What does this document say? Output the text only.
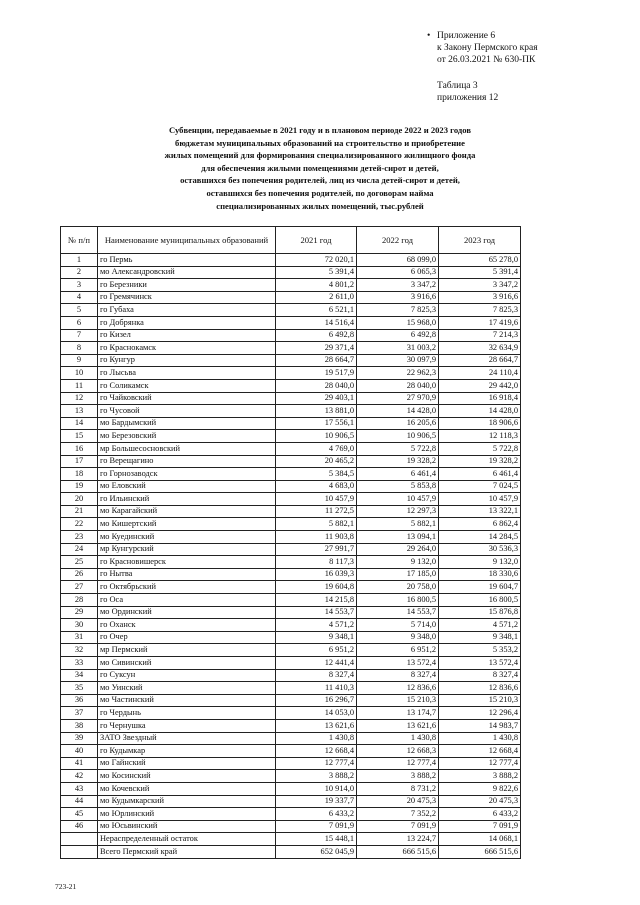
• Приложение 6
к Закону Пермского края
от 26.03.2021 № 630-ПК
Таблица 3
приложения 12
Субвенции, передаваемые в 2021 году и в плановом периоде 2022 и 2023 годов
бюджетам муниципальных образований на строительство и приобретение
жилых помещений для формирования специализированного жилищного фонда
для обеспечения жилыми помещениями детей-сирот и детей,
оставшихся без попечения родителей, лиц из числа детей-сирот и детей,
оставшихся без попечения родителей, по договорам найма
специализированных жилых помещений, тыс.рублей
№ п/п	Наименование муниципальных образований	2021 год	2022 год	2023 год
1	го Пермь	72 020,1	68 099,0	65 278,0
2	мо Александровский	5 391,4	6 065,3	5 391,4
3	го Березники	4 801,2	3 347,2	3 347,2
4	го Гремячинск	2 611,0	3 916,6	3 916,6
5	го Губаха	6 521,1	7 825,3	7 825,3
6	го Добрянка	14 516,4	15 968,0	17 419,6
7	го Кизел	6 492,8	6 492,8	7 214,3
8	го Краснокамск	29 371,4	31 003,2	32 634,9
9	го Кунгур	28 664,7	30 097,9	28 664,7
10	го Лысьва	19 517,9	22 962,3	24 110,4
11	го Соликамск	28 040,0	28 040,0	29 442,0
12	го Чайковский	29 403,1	27 970,9	16 918,4
13	го Чусовой	13 881,0	14 428,0	14 428,0
14	мо Бардымский	17 556,1	16 205,6	18 906,6
15	мо Березовский	10 906,5	10 906,5	12 118,3
16	мр Большесосновский	4 769,0	5 722,8	5 722,8
17	го Верещагино	20 465,2	19 328,2	19 328,2
18	го Горнозаводск	5 384,5	6 461,4	6 461,4
19	мо Еловский	4 683,0	5 853,8	7 024,5
20	го Ильинский	10 457,9	10 457,9	10 457,9
21	мо Карагайский	11 272,5	12 297,3	13 322,1
22	мо Кишертский	5 882,1	5 882,1	6 862,4
23	мо Куединский	11 903,8	13 094,1	14 284,5
24	мр Кунгурский	27 991,7	29 264,0	30 536,3
25	го Красновишерск	8 117,3	9 132,0	9 132,0
26	го Нытва	16 039,3	17 185,0	18 330,6
27	го Октябрьский	19 604,8	20 758,0	19 604,7
28	го Оса	14 215,8	16 800,5	16 800,5
29	мо Ординский	14 553,7	14 553,7	15 876,8
30	го Оханск	4 571,2	5 714,0	4 571,2
31	го Очер	9 348,1	9 348,0	9 348,1
32	мр Пермский	6 951,2	6 951,2	5 353,2
33	мо Сивинский	12 441,4	13 572,4	13 572,4
34	го Суксун	8 327,4	8 327,4	8 327,4
35	мо Уинский	11 410,3	12 836,6	12 836,6
36	мо Частинский	16 296,7	15 210,3	15 210,3
37	го Чердынь	14 053,0	13 174,7	12 296,4
38	го Чернушка	13 621,6	13 621,6	14 983,7
39	ЗАТО Звездный	1 430,8	1 430,8	1 430,8
40	го Кудымкар	12 668,4	12 668,3	12 668,4
41	мо Гайнский	12 777,4	12 777,4	12 777,4
42	мо Косинский	3 888,2	3 888,2	3 888,2
43	мо Кочевский	10 914,0	8 731,2	9 822,6
44	мо Кудымкарский	19 337,7	20 475,3	20 475,3
45	мо Юрлинский	6 433,2	7 352,2	6 433,2
46	мо Юсьвинский	7 091,9	7 091,9	7 091,9
	Нераспределенный остаток	15 448,1	13 224,7	14 068,1
	Всего Пермский край	652 045,9	666 515,6	666 515,6
723-21
